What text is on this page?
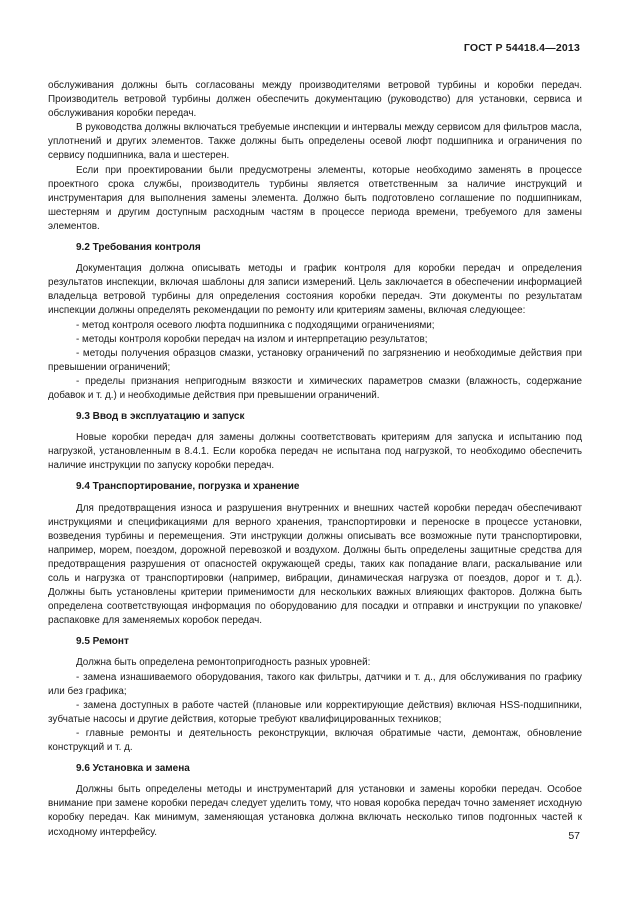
ГОСТ Р 54418.4—2013

обслуживания должны быть согласованы между производителями ветровой турбины и коробки передач. Производитель ветровой турбины должен обеспечить документацию (руководство) для установки, сервиса и обслуживания коробки передач.

В руководства должны включаться требуемые инспекции и интервалы между сервисом для фильтров масла, уплотнений и других элементов. Также должны быть определены осевой люфт подшипника и ограничения по сервису подшипника, вала и шестерен.

Если при проектировании были предусмотрены элементы, которые необходимо заменять в процессе проектного срока службы, производитель турбины является ответственным за наличие инструкций и инструментария для выполнения замены элемента. Должно быть подготовлено соглашение по подшипникам, шестерням и другим доступным расходным частям в процессе периода времени, требуемого для замены элементов.

9.2 Требования контроля

Документация должна описывать методы и график контроля для коробки передач и определения результатов инспекции, включая шаблоны для записи измерений. Цель заключается в обеспечении информацией владельца ветровой турбины для определения состояния коробки передач. Эти документы по результатам инспекции должны определять рекомендации по ремонту или критериям замены, включая следующее:

- метод контроля осевого люфта подшипника с подходящими ограничениями;

- методы контроля коробки передач на излом и интерпретацию результатов;

- методы получения образцов смазки, установку ограничений по загрязнению и необходимые действия при превышении ограничений;

- пределы признания непригодным вязкости и химических параметров смазки (влажность, содержание добавок и т. д.) и необходимые действия при превышении ограничений.

9.3 Ввод в эксплуатацию и запуск

Новые коробки передач для замены должны соответствовать критериям для запуска и испытанию под нагрузкой, установленным в 8.4.1. Если коробка передач не испытана под нагрузкой, то необходимо обеспечить наличие инструкции по запуску коробки передач.

9.4 Транспортирование, погрузка и хранение

Для предотвращения износа и разрушения внутренних и внешних частей коробки передач обеспечивают инструкциями и спецификациями для верного хранения, транспортировки и переноске в процессе установки, возведения турбины и перемещения. Эти инструкции должны описывать все возможные пути транспортировки, например, морем, поездом, дорожной перевозкой и воздухом. Должны быть определены защитные средства для предотвращения разрушения от опасностей окружающей среды, таких как попадание влаги, раскалывание или соль и нагрузка от транспортировки (например, вибрации, динамическая нагрузка от поездов, дорог и т. д.). Должны быть установлены критерии применимости для нескольких важных влияющих факторов. Должна быть определена соответствующая информация по оборудованию для посадки и отправки и инструкции по упаковке/распаковке для заменяемых коробок передач.

9.5 Ремонт

Должна быть определена ремонтопригодность разных уровней:

- замена изнашиваемого оборудования, такого как фильтры, датчики и т. д., для обслуживания по графику или без графика;

- замена доступных в работе частей (плановые или корректирующие действия) включая HSS-подшипники, зубчатые насосы и другие действия, которые требуют квалифицированных техников;

- главные ремонты и деятельность реконструкции, включая обратимые части, демонтаж, обновление конструкций и т. д.

9.6 Установка и замена

Должны быть определены методы и инструментарий для установки и замены коробки передач. Особое внимание при замене коробки передач следует уделить тому, что новая коробка передач точно заменяет исходную коробку передач. Как минимум, заменяющая установка должна включать несколько типов подгонных частей к исходному интерфейсу.	57
